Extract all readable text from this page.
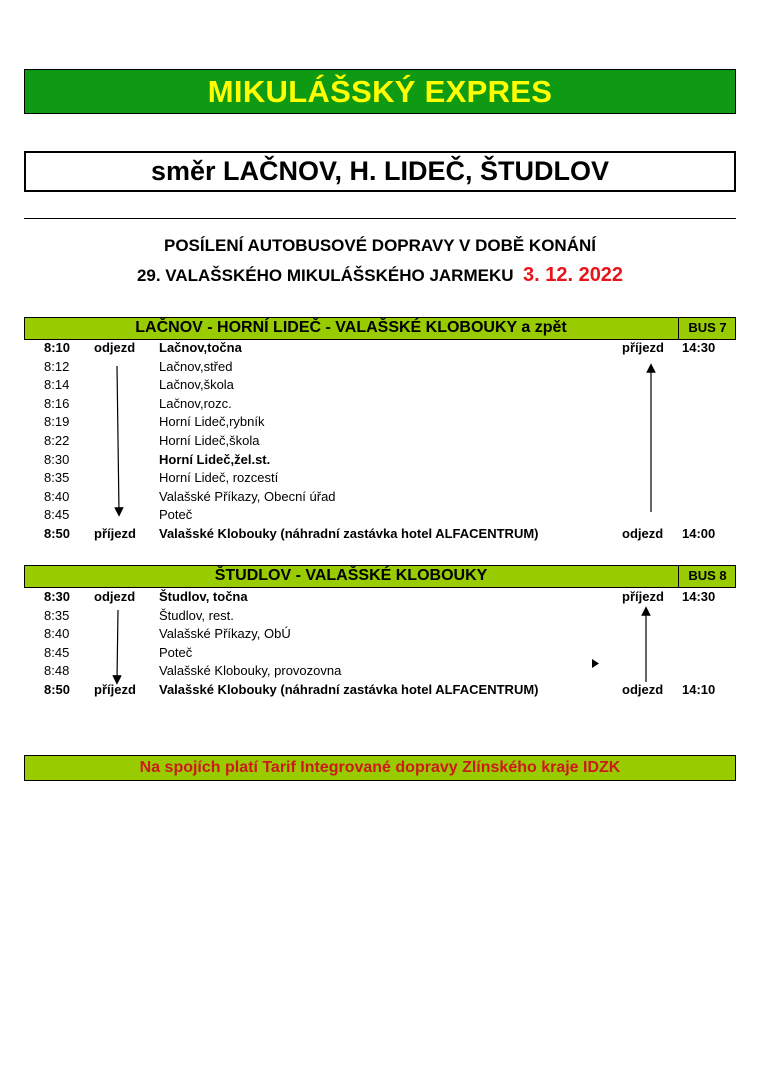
MIKULÁŠSKÝ EXPRES
směr LAČNOV, H. LIDEČ, ŠTUDLOV
POSÍLENÍ AUTOBUSOVÉ DOPRAVY V DOBĚ KONÁNÍ
29. VALAŠSKÉHO MIKULÁŠSKÉHO JARMEKU 3. 12. 2022
LAČNOV - HORNÍ LIDEČ - VALAŠSKÉ KLOBOUKY a zpět	BUS 7
8:10 odjezd Lačnov,točna	příjezd 14:30
8:12	Lačnov,střed
8:14	Lačnov,škola
8:16	Lačnov,rozc.
8:19	Horní Lideč,rybník
8:22	Horní Lideč,škola
8:30	Horní Lideč,žel.st.
8:35	Horní Lideč, rozcestí
8:40	Valašské Příkazy, Obecní úřad
8:45	Poteč
8:50 příjezd Valašské Klobouky (náhradní zastávka hotel ALFACENTRUM)	odjezd 14:00
ŠTUDLOV - VALAŠSKÉ KLOBOUKY	BUS 8
8:30 odjezd Študlov, točna	příjezd 14:30
8:35	Študlov, rest.
8:40	Valašské Příkazy, ObÚ
8:45	Poteč
8:48	Valašské Klobouky, provozovna
8:50 příjezd Valašské Klobouky (náhradní zastávka hotel ALFACENTRUM)	odjezd 14:10
Na spojích platí Tarif Integrované dopravy Zlínského kraje IDZK
